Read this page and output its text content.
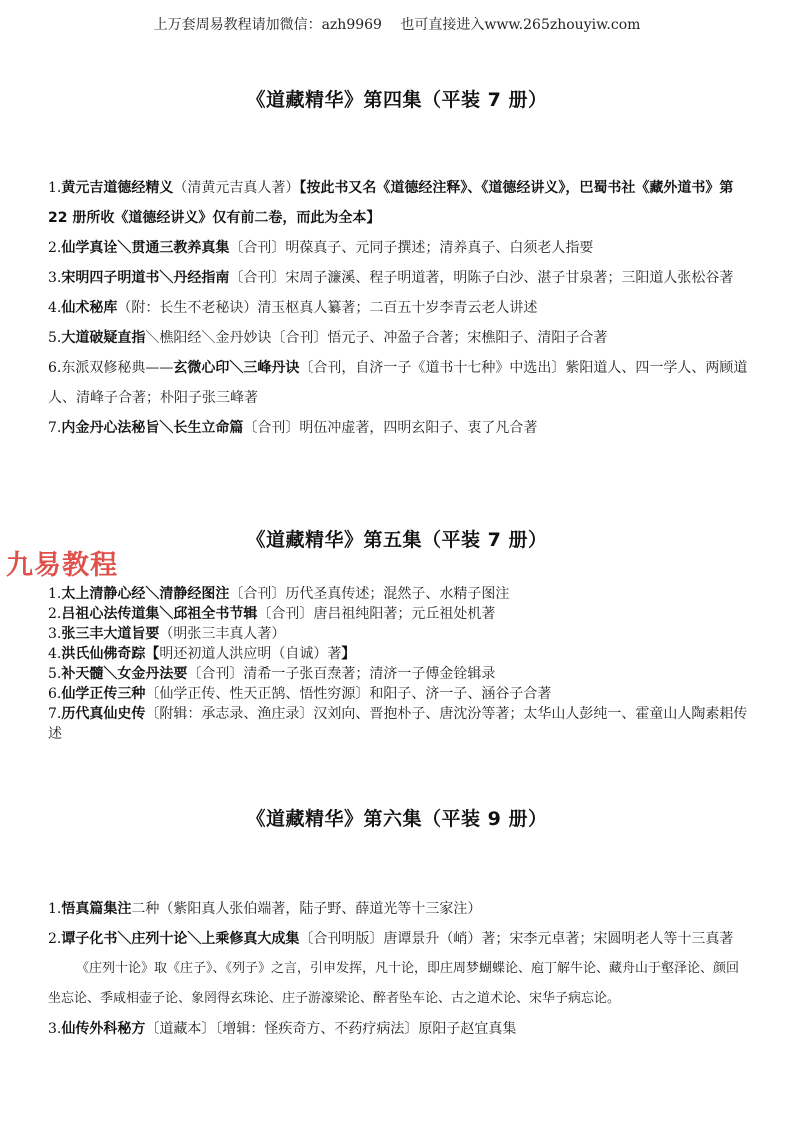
上万套周易教程请加微信：azh9969　 也可直接进入www.265zhouyiw.com
《道藏精华》第四集（平装 7 册）

1.黄元吉道德经精义（清黄元吉真人著）【按此书又名《道德经注释》、《道德经讲义》，巴蜀书社《藏外道书》第 22 册所收《道德经讲义》仅有前二卷，而此为全本】

2.仙学真诠＼贯通三教养真集〔合刊〕明葆真子、元同子撰述；清养真子、白须老人指要

3.宋明四子明道书＼丹经指南〔合刊〕宋周子濂溪、程子明道著，明陈子白沙、湛子甘泉著；三阳道人张松谷著

4.仙术秘库（附：长生不老秘诀）清玉枢真人纂著；二百五十岁李青云老人讲述

5.大道破疑直指＼樵阳经＼金丹妙诀〔合刊〕悟元子、冲盈子合著；宋樵阳子、清阳子合著

6.东派双修秘典——玄微心印＼三峰丹诀〔合刊，自济一子《道书十七种》中选出〕紫阳道人、四一学人、两顾道人、清峰子合著；朴阳子张三峰著

7.内金丹心法秘旨＼长生立命篇〔合刊〕明伍冲虚著，四明玄阳子、衷了凡合著

《道藏精华》第五集（平装 7 册）
九易教程

1.太上清静心经＼清静经图注〔合刊〕历代圣真传述；混然子、水精子图注

2.吕祖心法传道集＼邱祖全书节辑〔合刊〕唐吕祖纯阳著；元丘祖处机著

3.张三丰大道旨要（明张三丰真人著）

4.洪氏仙佛奇踪【明还初道人洪应明（自诚）著】

5.补天髓＼女金丹法要〔合刊〕清希一子张百焘著；清济一子傅金铨辑录

6.仙学正传三种〔仙学正传、性天正鹄、悟性穷源〕和阳子、济一子、涵谷子合著

7.历代真仙史传〔附辑：承志录、渔庄录〕汉刘向、晋抱朴子、唐沈汾等著；太华山人彭纯一、霍童山人陶素耜传述

《道藏精华》第六集（平装 9 册）

1.悟真篇集注二种（紫阳真人张伯端著，陆子野、薛道光等十三家注）

2.谭子化书＼庄列十论＼上乘修真大成集〔合刊明版〕唐谭景升（峭）著；宋李元卓著；宋圆明老人等十三真著

《庄列十论》取《庄子》、《列子》之言，引申发挥，凡十论，即庄周梦蝴蝶论、庖丁解牛论、藏舟山于壑泽论、颜回坐忘论、季咸相壶子论、象罔得玄珠论、庄子游濠梁论、醉者坠车论、古之道术论、宋华子病忘论。

3.仙传外科秘方〔道藏本〕〔增辑：怪疾奇方、不药疗病法〕原阳子赵宜真集
